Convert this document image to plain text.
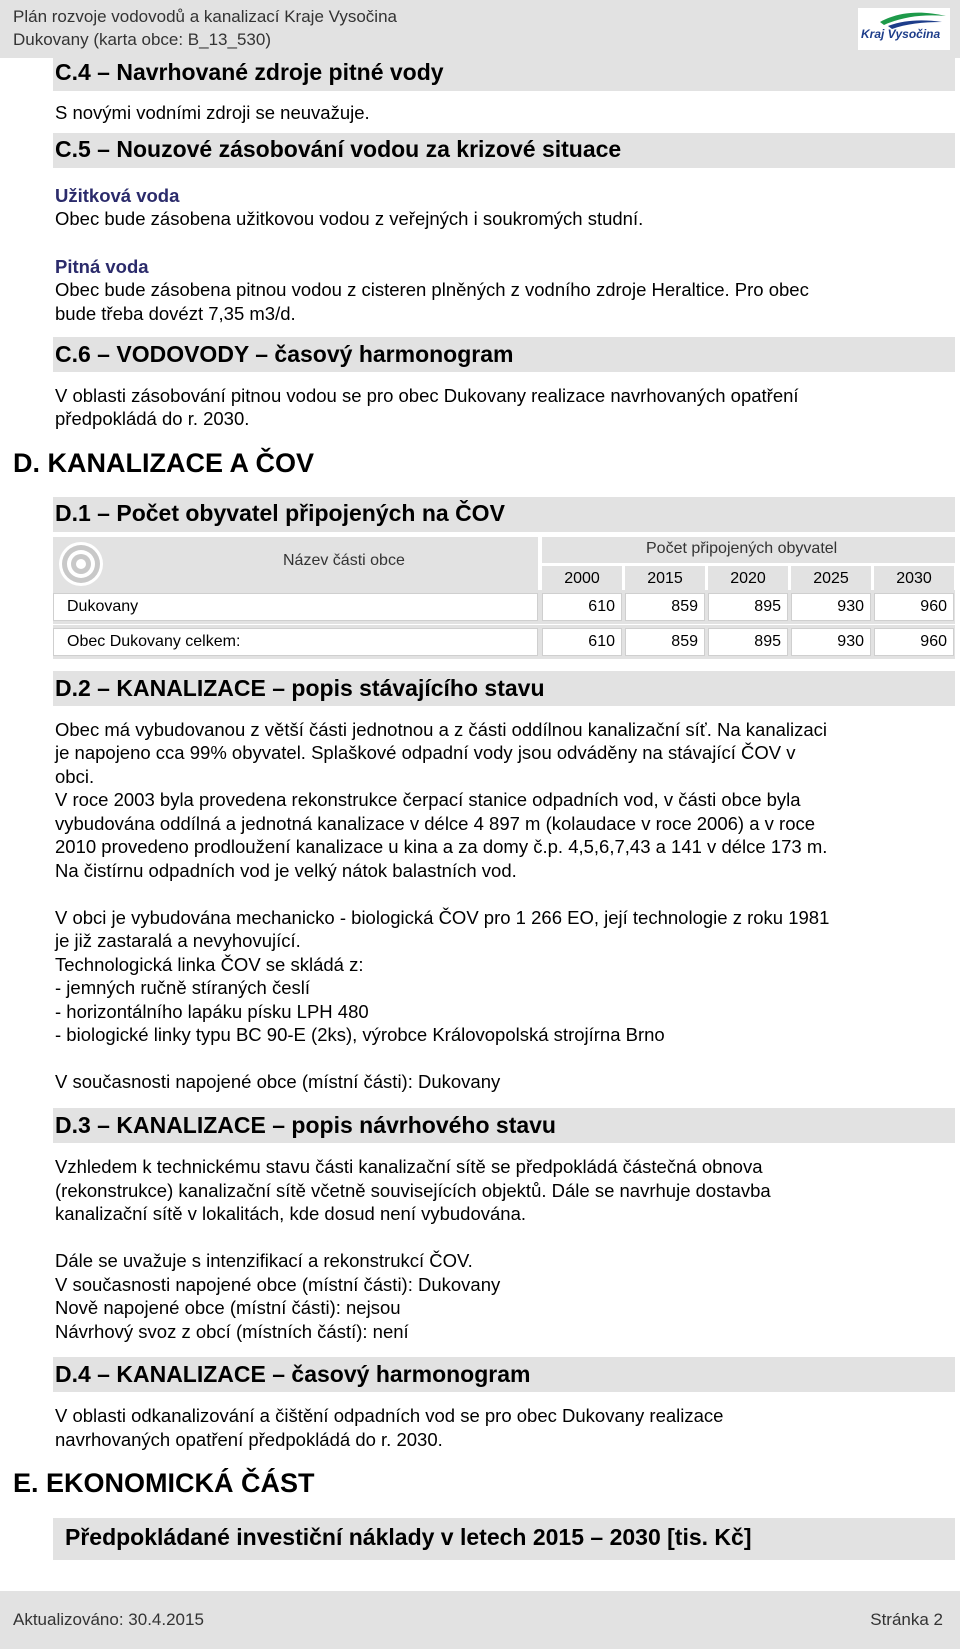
Plán rozvoje vodovodů a kanalizací Kraje Vysočina
Dukovany (karta obce: B_13_530)	Kraj Vysočina
C.4 – Navrhované zdroje pitné vody
S novými vodními zdroji se neuvažuje.
C.5 – Nouzové zásobování vodou za krizové situace
Užitková voda
Obec bude zásobena užitkovou vodou z veřejných i soukromých studní.
Pitná voda
Obec bude zásobena pitnou vodou z cisteren plněných z vodního zdroje Heraltice. Pro obec
bude třeba dovézt 7,35 m3/d.
C.6 – VODOVODY – časový harmonogram
V oblasti zásobování pitnou vodou se pro obec Dukovany realizace navrhovaných opatření
předpokládá do r. 2030.
D. KANALIZACE A ČOV
D.1 – Počet obyvatel připojených na ČOV
Název části obce
Počet připojených obyvatel
2000	2015	2020	2025	2030
Dukovany	610	859	895	930	960
Obec Dukovany celkem:	610	859	895	930	960
D.2 – KANALIZACE – popis stávajícího stavu
Obec má vybudovanou z větší části jednotnou a z části oddílnou kanalizační síť. Na kanalizaci
je napojeno cca 99% obyvatel. Splaškové odpadní vody jsou odváděny na stávající ČOV v
obci.
V roce 2003 byla provedena rekonstrukce čerpací stanice odpadních vod, v části obce byla
vybudována oddílná a jednotná kanalizace v délce 4 897 m (kolaudace v roce 2006) a v roce
2010 provedeno prodloužení kanalizace u kina a za domy č.p. 4,5,6,7,43 a 141 v délce 173 m.
Na čistírnu odpadních vod je velký nátok balastních vod.
V obci je vybudována mechanicko - biologická ČOV pro 1 266 EO, její technologie z roku 1981
je již zastaralá a nevyhovující.
Technologická linka ČOV se skládá z:
- jemných ručně stíraných česlí
- horizontálního lapáku písku LPH 480
- biologické linky typu BC 90-E (2ks), výrobce Královopolská strojírna Brno
V současnosti napojené obce (místní části): Dukovany
D.3 – KANALIZACE – popis návrhového stavu
Vzhledem k technickému stavu části kanalizační sítě se předpokládá částečná obnova
(rekonstrukce) kanalizační sítě včetně souvisejících objektů. Dále se navrhuje dostavba
kanalizační sítě v lokalitách, kde dosud není vybudována.
Dále se uvažuje s intenzifikací a rekonstrukcí ČOV.
V současnosti napojené obce (místní části): Dukovany
Nově napojené obce (místní části): nejsou
Návrhový svoz z obcí (místních částí): není
D.4 – KANALIZACE – časový harmonogram
V oblasti odkanalizování a čištění odpadních vod se pro obec Dukovany realizace
navrhovaných opatření předpokládá do r. 2030.
E. EKONOMICKÁ ČÁST
Předpokládané investiční náklady v letech 2015 – 2030 [tis. Kč]
Aktualizováno: 30.4.2015	Stránka 2
